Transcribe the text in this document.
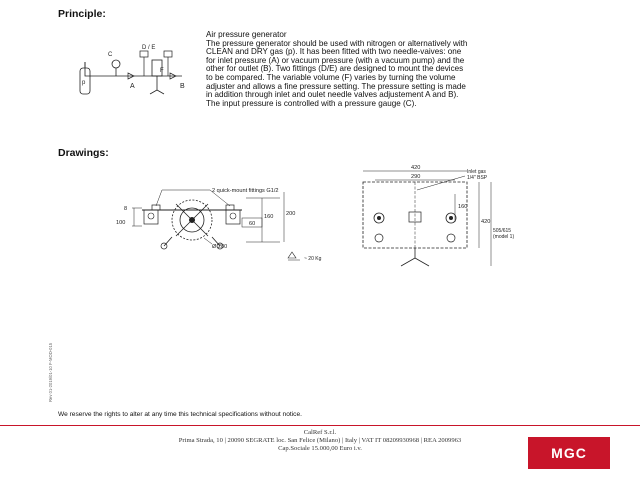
Principle:
Drawings:
p
C
A	B
D / E
F
Air pressure generator
The pressure generator should be used with nitrogen or alternatively with
CLEAN and DRY gas (p). It has been fitted with two needle-vaives: one
for inlet pressure (A) or vacuum pressure (with a vacuum pump) and the
other for outlet (B). Two fittings (D/E) are designed to mount the devices
to be compared. The variable volume (F) varies by turning the volume
adjuster and allows a fine pressure setting. The pressure setting is made
in addition through inlet and oulet needle valves adjustement A and B).
The input pressure is controlled with a pressure gauge (C).
2 quick-mount fittings G1/2
8
100
160 200
60
Ø 280
~ 20 Kg
420
290
Inlet gas
1/4" BSP
160
420
505/615
(model 1)
Rev 01-2019/01-10 F-MOD-015
We reserve the rights to alter at any time this technical specifications without notice.
CalRef S.r.l.
Prima Strada, 10 | 20090 SEGRATE loc. San Felice (Milano) | Italy | VAT IT 08209930968 | REA 2009963
Cap.Sociale 15.000,00 Euro i.v.	MGC
